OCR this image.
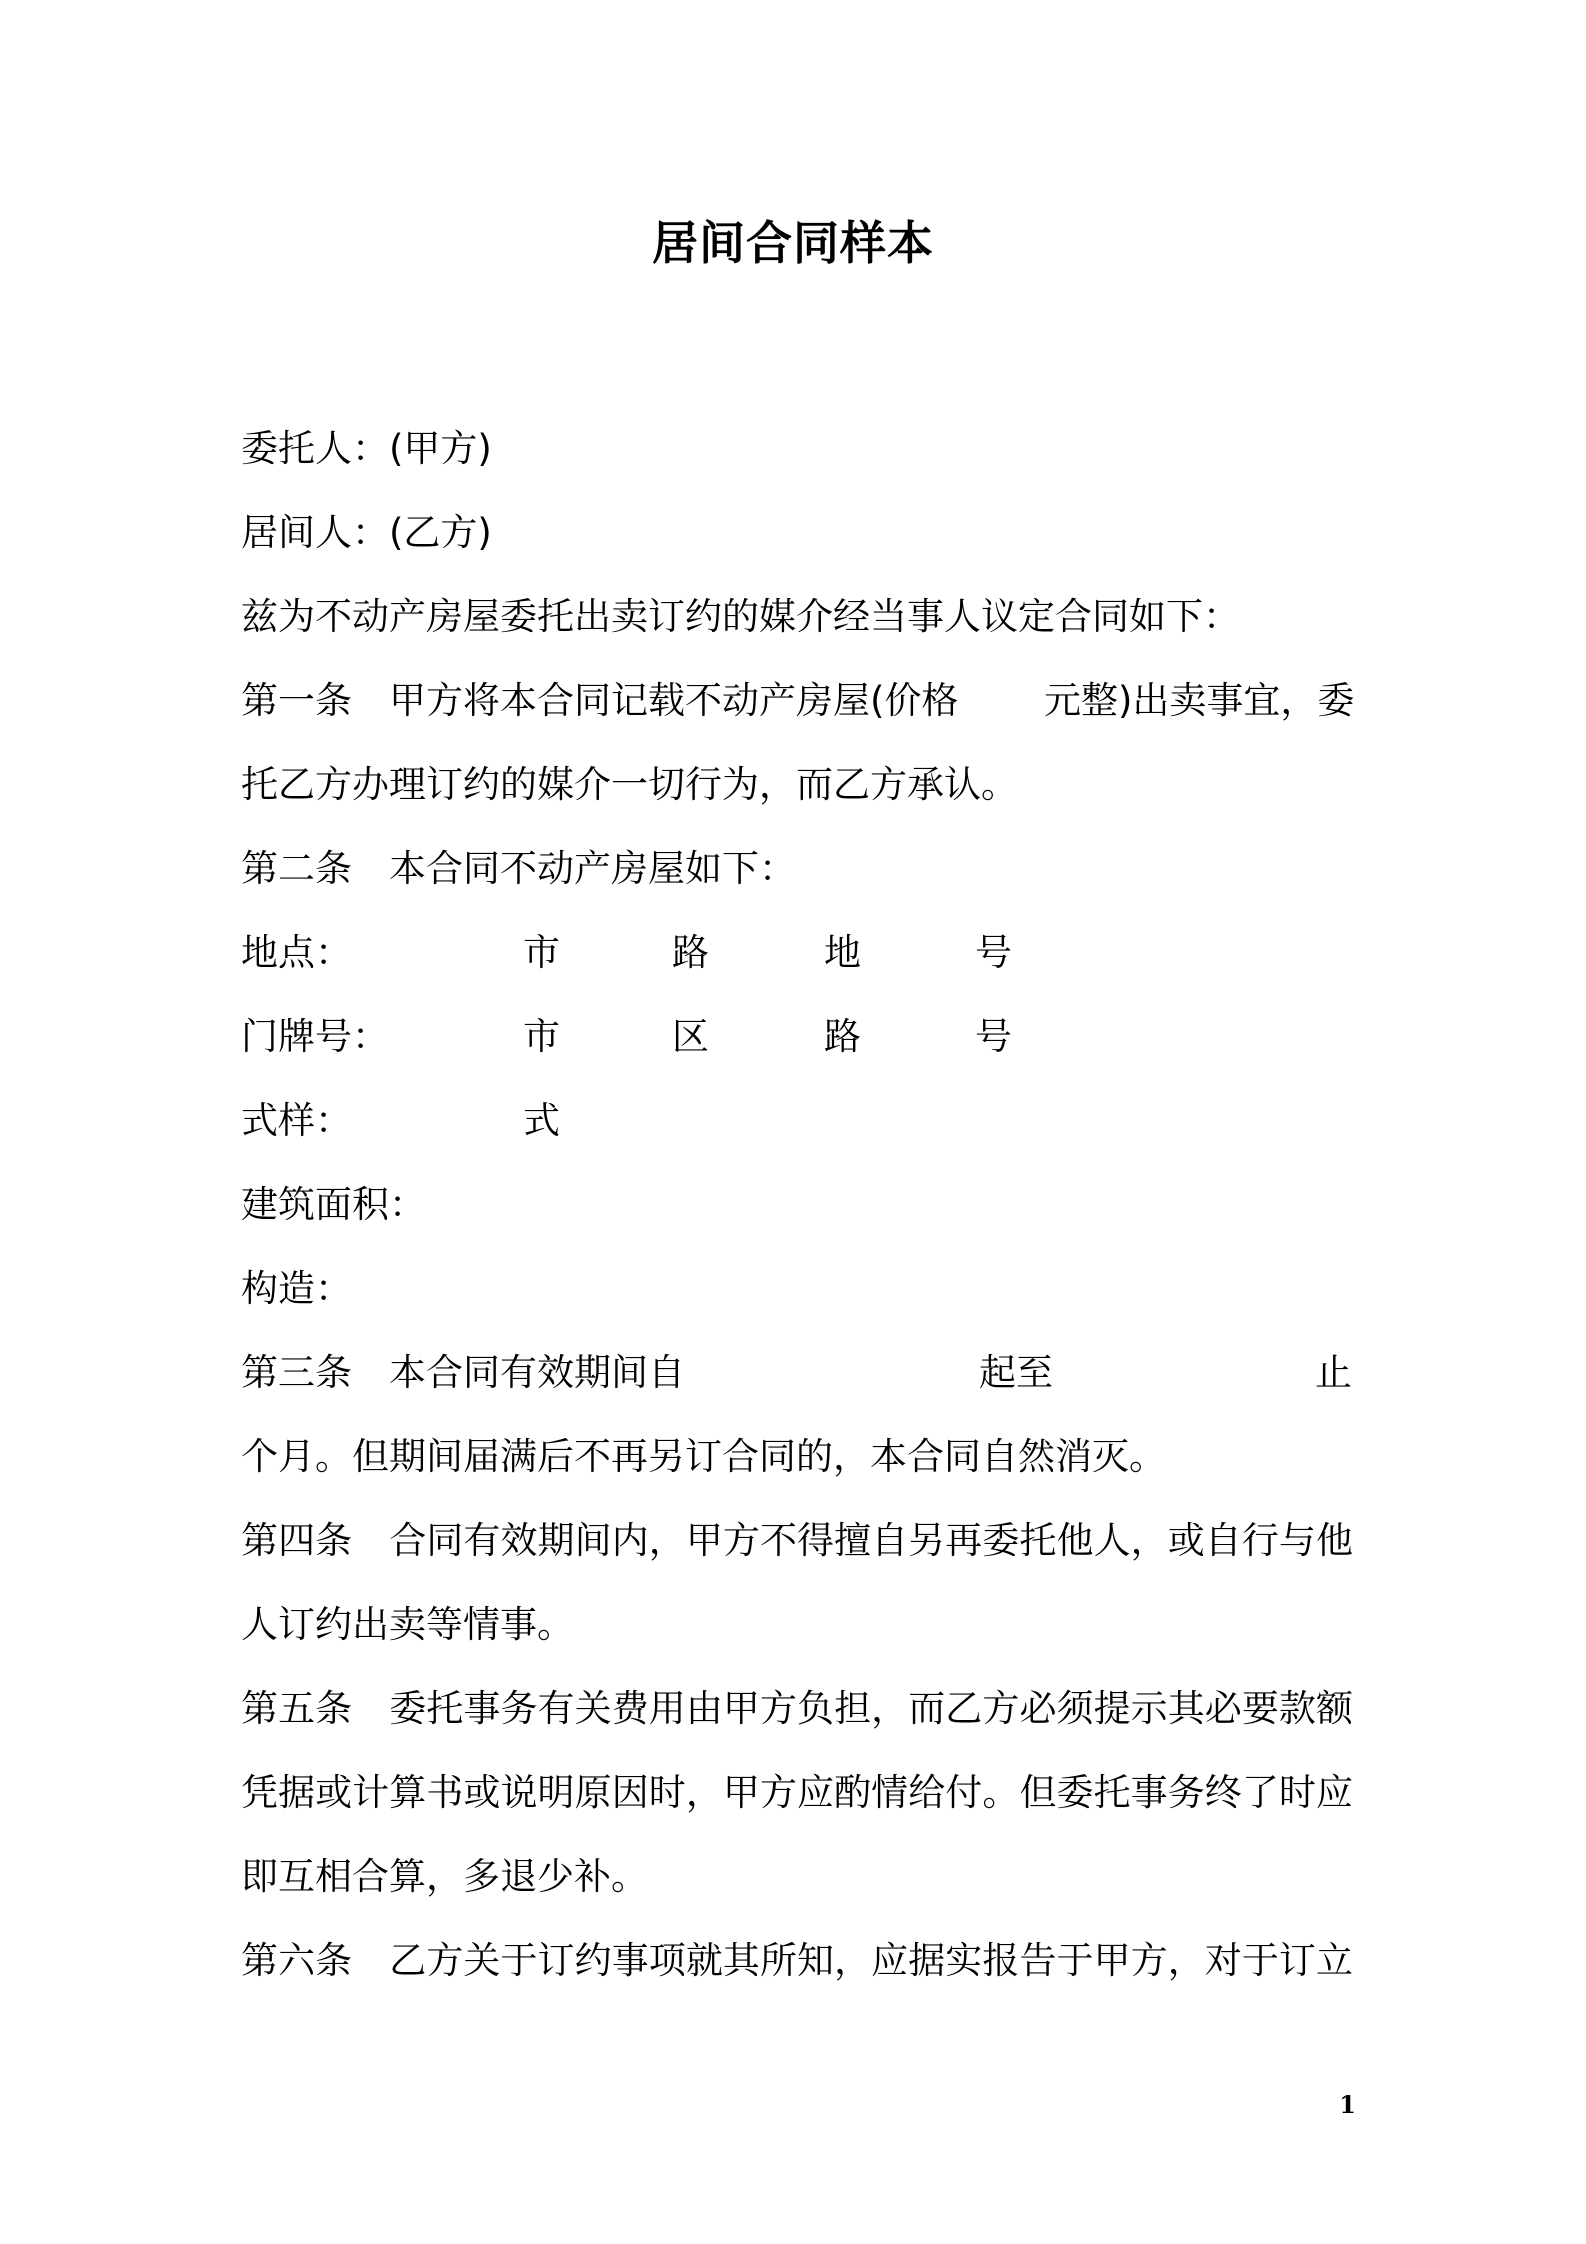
居间合同样本
委托人：(甲方)
居间人：(乙方)
兹为不动产房屋委托出卖订约的媒介经当事人议定合同如下：
第一条　甲方将本合同记载不动产房屋(价格 元整)出卖事宜，委
托乙方办理订约的媒介一切行为，而乙方承认。
第二条　本合同不动产房屋如下：
地点：	市	路	地	号
门牌号：	市	区	路	号
式样：	式
建筑面积：
构造：
第三条　本合同有效期间自	起至	止
个月。但期间届满后不再另订合同的，本合同自然消灭。
第四条　合同有效期间内，甲方不得擅自另再委托他人，或自行与他
人订约出卖等情事。
第五条　委托事务有关费用由甲方负担，而乙方必须提示其必要款额
凭据或计算书或说明原因时，甲方应酌情给付。但委托事务终了时应
即互相合算，多退少补。
第六条　乙方关于订约事项就其所知，应据实报告于甲方，对于订立
1
